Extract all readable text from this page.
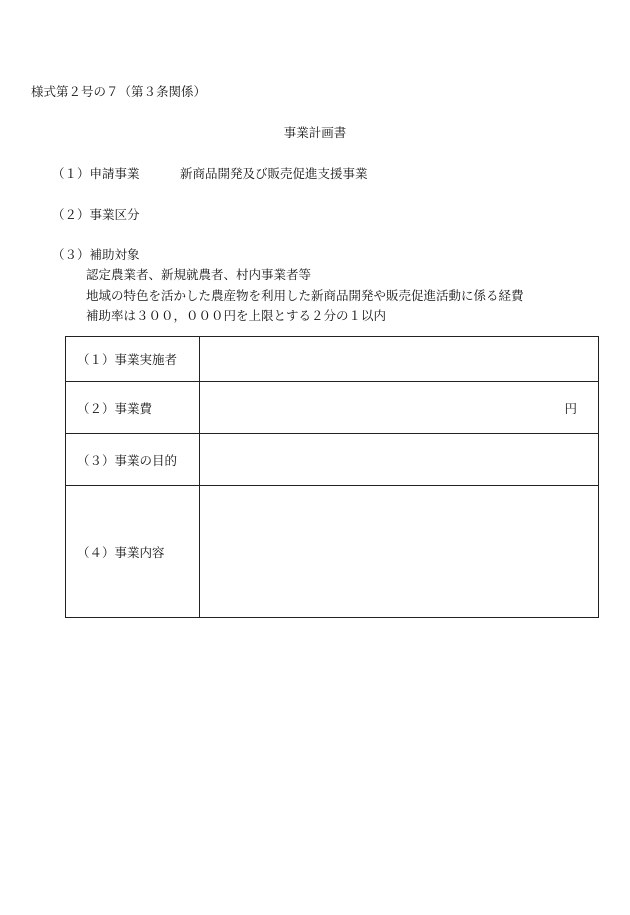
様式第２号の７（第３条関係）
事業計画書
（１）申請事業	新商品開発及び販売促進支援事業
（２）事業区分
（３）補助対象
認定農業者、新規就農者、村内事業者等
地域の特色を活かした農産物を利用した新商品開発や販売促進活動に係る経費
補助率は３００，０００円を上限とする２分の１以内
（１）事業実施者	
（２）事業費	円

（３）事業の目的	
（４）事業内容	
